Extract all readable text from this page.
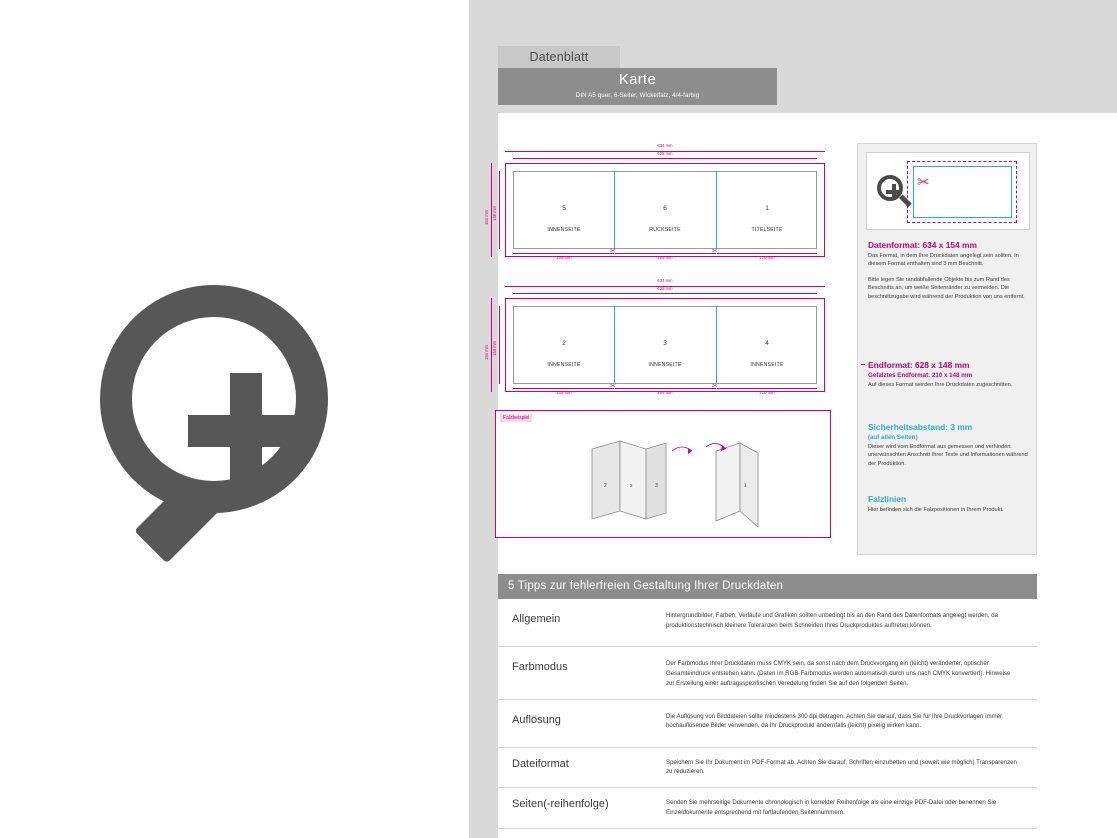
Datenblatt
Karte
DIN A5 quer, 6-Seiter, Wickelfalz, 4/4-farbig
5	6	1
INNENSEITE	RÜCKSEITE	TITELSEITE
634 mm
628 mm
154 mm 148 mm
209 mm	209 mm	210 mm
✂	✂
2	3	4
INNENSEITE	INNENSEITE	INNENSEITE
634 mm
628 mm
154 mm 148 mm
209 mm	209 mm	210 mm
✂	✂
Falzbeispiel
2	x	3	1
✂
Datenformat: 634 x 154 mm
Das Format, in dem Ihre Druckdaten angelegt sein sollten. In diesem Format enthalten sind 3 mm Beschnitt.
Bitte legen Sie randabfallende Objekte bis zum Rand des Beschnitts an, um weiße Seitenränder zu vermeiden. Die beschnittzugabe wird während der Produktion von uns entfernt.
Endformat: 628 x 148 mm
Gefalztes Endformat: 210 x 148 mm
Auf dieses Format werden Ihre Druckdaten zugeschnitten.
Sicherheitsabstand: 3 mm
(auf allen Seiten)
Dieser wird vom Endformat aus gemessen und verhindert unerwünschten Anschnitt Ihrer Texte und Informationen während der Produktion.
Falzlinien
Hier befinden sich die Falzpositionen in Ihrem Produkt.
5 Tipps zur fehlerfreien Gestaltung Ihrer Druckdaten
Allgemein	Hintergrundbilder, Farben, Verläufe und Grafiken sollten unbedingt bis an den Rand des Datenformats angelegt werden, da produktionstechnisch kleinere Toleranzen beim Schneiden Ihres Druckproduktes auftreten können.
Farbmodus	Der Farbmodus Ihrer Druckdaten muss CMYK sein, da sonst nach dem Druckvorgang ein (leicht) veränderter, optischer Gesamteindruck entstehen kann. (Daten im RGB-Farbmodus werden automatisch durch uns nach CMYK konvertiert). Hinweise zur Erstellung einer auftragsspezifischen Veredelung finden Sie auf den folgenden Seiten.
Auflösung	Die Auflösung von Bilddateien sollte mindestens 300 dpi betragen. Achten Sie darauf, dass Sie für Ihre Druckvorlagen immer hochauflösende Bilder verwenden, da Ihr Druckprodukt andernfalls (leicht) pixelig wirken kann.
Dateiformat	Speichern Sie Ihr Dokument im PDF-Format ab. Achten Sie darauf, Schriften einzubetten und (soweit wie möglich) Transparenzen zu reduzieren.
Seiten(-reihenfolge)	Senden Sie mehrseitige Dokumente chronologisch in korrekter Reihenfolge als eine einzige PDF-Datei oder benennen Sie Einzeldokumente entsprechend mit fortlaufenden Seitennummern.
